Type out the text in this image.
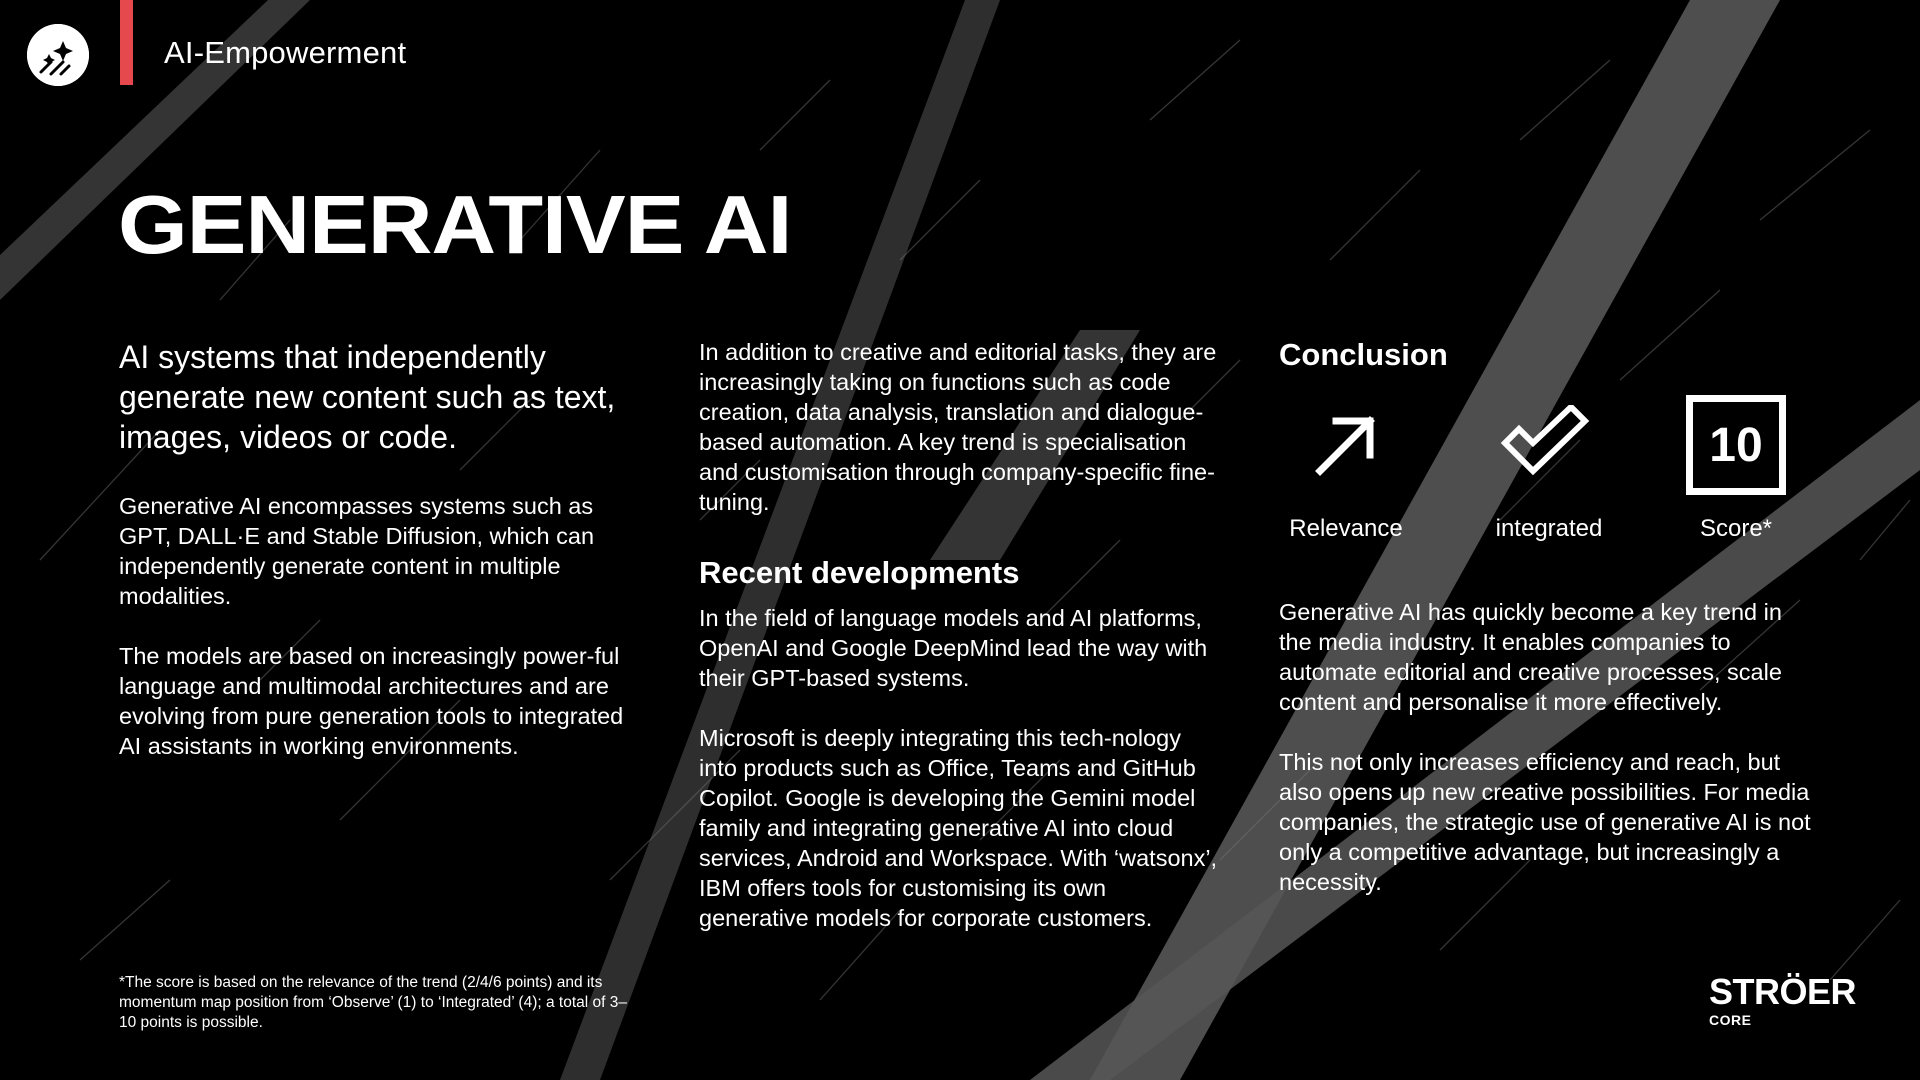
AI-Empowerment
GENERATIVE AI
AI systems that independently generate new content such as text, images, videos or code.
Generative AI encompasses systems such as GPT, DALL·E and Stable Diffusion, which can independently generate content in multiple modalities.
The models are based on increasingly power-ful language and multimodal architectures and are evolving from pure generation tools to integrated AI assistants in working environments.
In addition to creative and editorial tasks, they are increasingly taking on functions such as code creation, data analysis, translation and dialogue-based automation. A key trend is specialisation and customisation through company-specific fine-tuning.
Recent developments
In the field of language models and AI platforms, OpenAI and Google DeepMind lead the way with their GPT-based systems.
Microsoft is deeply integrating this tech-nology into products such as Office, Teams and GitHub Copilot. Google is developing the Gemini model family and integrating generative AI into cloud services, Android and Workspace. With ‘watsonx’, IBM offers tools for customising its own generative models for corporate customers.
Conclusion
Relevance	integrated
10
Score*
Generative AI has quickly become a key trend in the media industry. It enables companies to automate editorial and creative processes, scale content and personalise it more effectively.
This not only increases efficiency and reach, but also opens up new creative possibilities. For media companies, the strategic use of generative AI is not only a competitive advantage, but increasingly a necessity.
*The score is based on the relevance of the trend (2/4/6 points) and its momentum map position from ‘Observe’ (1) to ‘Integrated’ (4); a total of 3–10 points is possible.
STRÖER
CORE
